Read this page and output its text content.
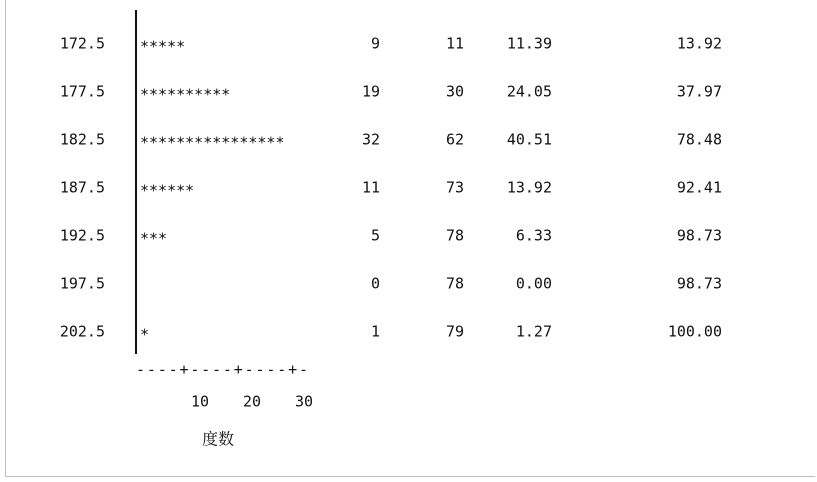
172.5 *****	9	11	11.39	13.92
177.5 **********	19	30	24.05	37.97
182.5 ****************	32	62	40.51	78.48
187.5 ******	11	73	13.92	92.41
192.5 ***	5	78	6.33	98.73
197.5	0	78	0.00	98.73
202.5 *	1	79	1.27	100.00
----+----+----+-
10 20 30
度数
